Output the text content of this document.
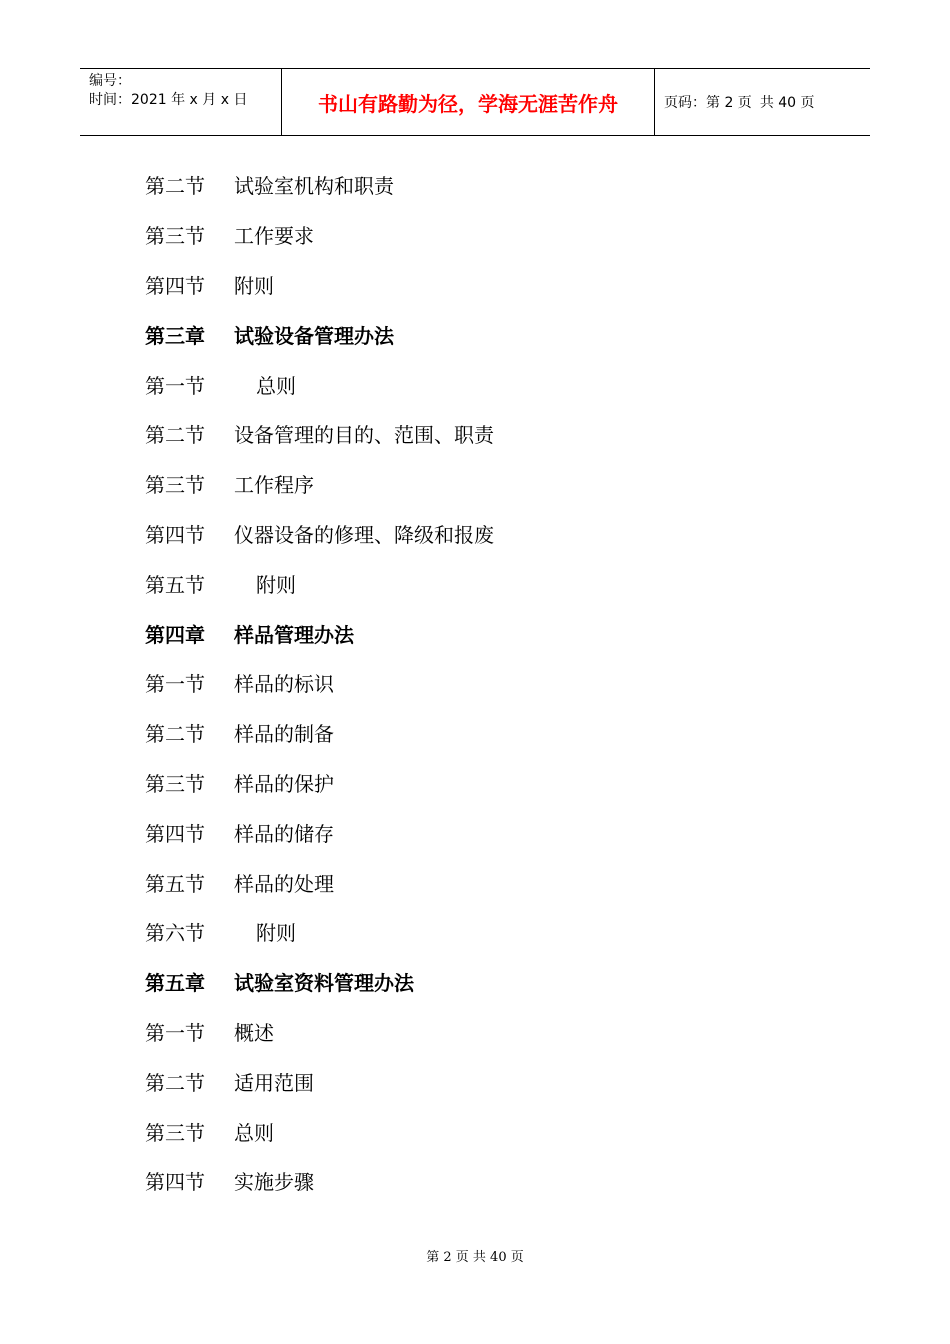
编号：
时间：2021 年 x 月 x 日	书山有路勤为径，学海无涯苦作舟	页码：第 2 页 共 40 页
第二节	试验室机构和职责
第三节	工作要求
第四节	附则
第三章	试验设备管理办法
第一节	总则
第二节	设备管理的目的、范围、职责
第三节	工作程序
第四节	仪器设备的修理、降级和报废
第五节	附则
第四章	样品管理办法
第一节	样品的标识
第二节	样品的制备
第三节	样品的保护
第四节	样品的储存
第五节	样品的处理
第六节	附则
第五章	试验室资料管理办法
第一节	概述
第二节	适用范围
第三节	总则
第四节	实施步骤
第 2 页 共 40 页
